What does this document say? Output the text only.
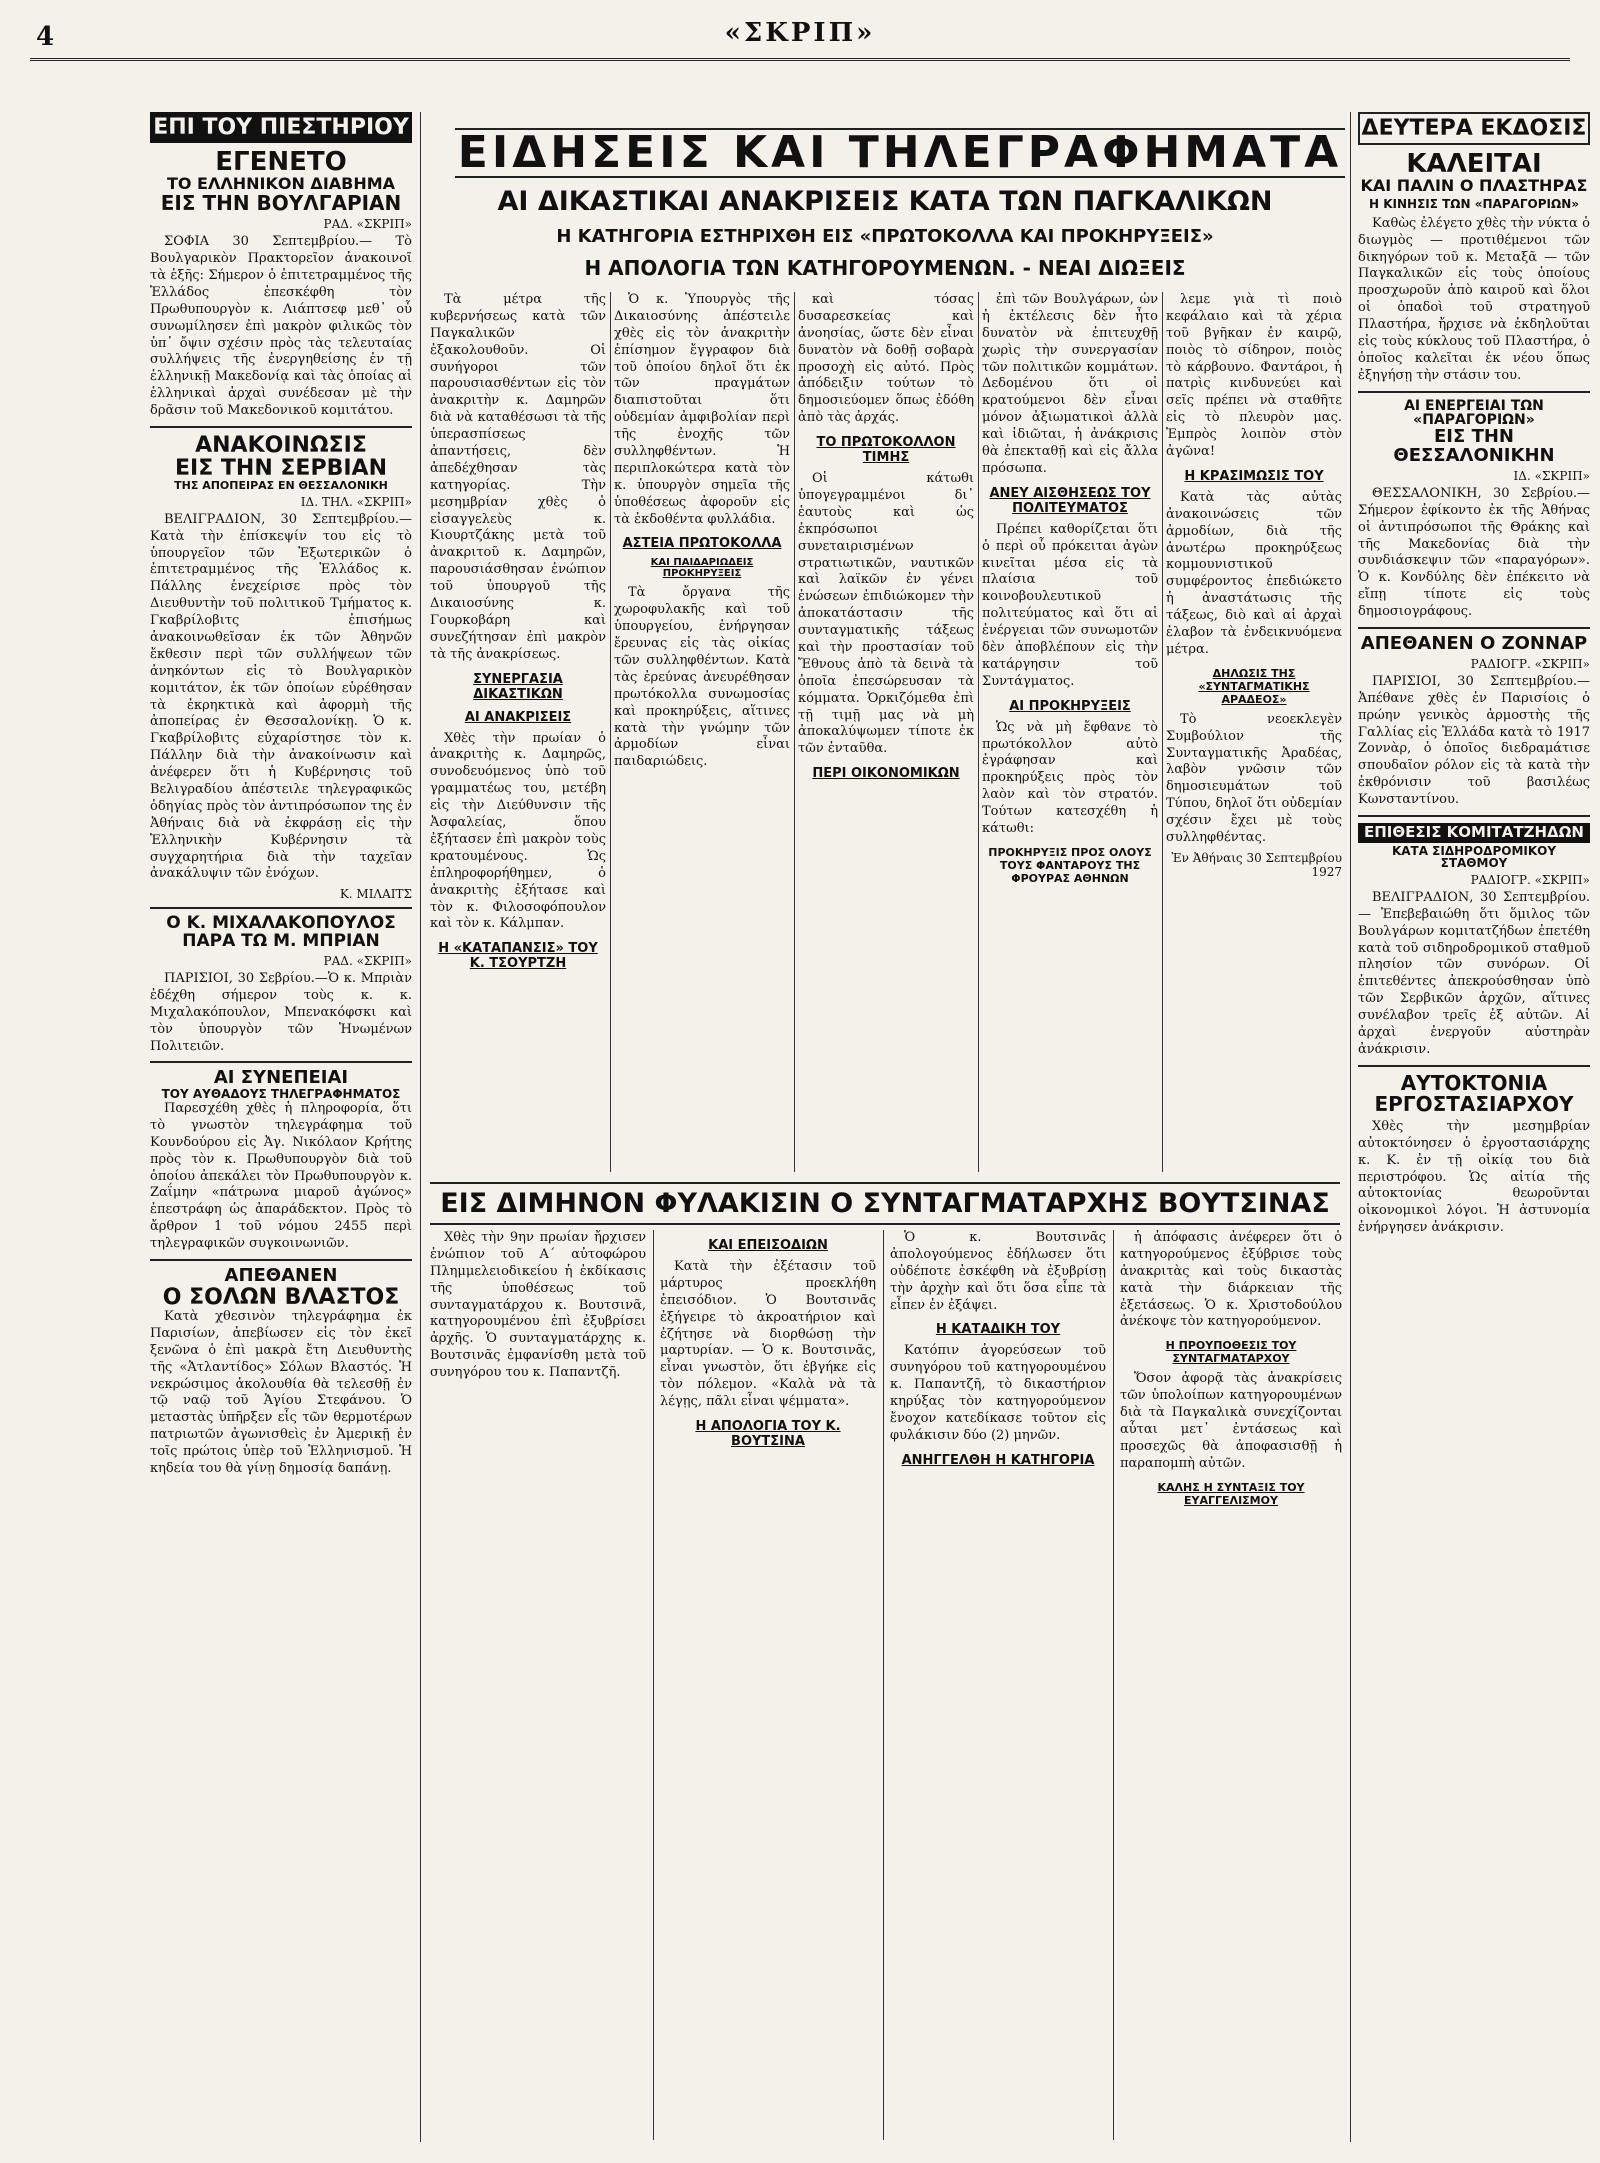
4	«ΣΚΡΙΠ»
ΕΠΙ ΤΟΥ ΠΙΕΣΤΗΡΙΟΥ
ΕΓΕΝΕΤΟ
ΤΟ ΕΛΛΗΝΙΚΟΝ ΔΙΑΒΗΜΑ
ΕΙΣ ΤΗΝ ΒΟΥΛΓΑΡΙΑΝ
ΡΑΔ. «ΣΚΡΙΠ»

ΣΟΦΙΑ 30 Σεπτεμβρίου.— Τὸ Βουλγαρικὸν Πρακτορεῖον ἀνακοινοῖ τὰ ἑξῆς: Σήμερον ὁ ἐπιτετραμμένος τῆς Ἑλλάδος ἐπεσκέφθη τὸν Πρωθυπουργὸν κ. Λιάπτσεφ μεθ᾿ οὗ συνωμίλησεν ἐπὶ μακρὸν φιλικῶς τὸν ὑπ᾿ ὄψιν σχέσιν πρὸς τὰς τελευταίας συλλήψεις τῆς ἐνεργηθείσης ἐν τῇ ἑλληνικῇ Μακεδονίᾳ καὶ τὰς ὁποίας αἱ ἑλληνικαὶ ἀρχαὶ συνέδεσαν μὲ τὴν δρᾶσιν τοῦ Μακεδονικοῦ κομιτάτου.

ΑΝΑΚΟΙΝΩΣΙΣ
ΕΙΣ ΤΗΝ ΣΕΡΒΙΑΝ
ΤΗΣ ΑΠΟΠΕΙΡΑΣ ΕΝ ΘΕΣΣΑΛΟΝΙΚΗ
ΙΔ. ΤΗΛ. «ΣΚΡΙΠ»

ΒΕΛΙΓΡΑΔΙΟΝ, 30 Σεπτεμβρίου.— Κατὰ τὴν ἐπίσκεψίν του εἰς τὸ ὑπουργεῖον τῶν Ἐξωτερικῶν ὁ ἐπιτετραμμένος τῆς Ἑλλάδος κ. Πάλλης ἐνεχείρισε πρὸς τὸν Διευθυντὴν τοῦ πολιτικοῦ Τμήματος κ. Γκαβρίλοβιτς ἐπισήμως ἀνακοινωθεῖσαν ἐκ τῶν Ἀθηνῶν ἔκθεσιν περὶ τῶν συλλήψεων τῶν ἀνηκόντων εἰς τὸ Βουλγαρικὸν κομιτάτον, ἐκ τῶν ὁποίων εὑρέθησαν τὰ ἐκρηκτικὰ καὶ ἀφορμὴ τῆς ἀποπείρας ἐν Θεσσαλονίκῃ. Ὁ κ. Γκαβρίλοβιτς εὐχαρίστησε τὸν κ. Πάλλην διὰ τὴν ἀνακοίνωσιν καὶ ἀνέφερεν ὅτι ἡ Κυβέρνησις τοῦ Βελιγραδίου ἀπέστειλε τηλεγραφικῶς ὁδηγίας πρὸς τὸν ἀντιπρόσωπον της ἐν Ἀθήναις διὰ νὰ ἐκφράσῃ εἰς τὴν Ἑλληνικὴν Κυβέρνησιν τὰ συγχαρητήρια διὰ τὴν ταχεῖαν ἀνακάλυψιν τῶν ἐνόχων.

Κ. ΜΙΛΑΙΤΣ
Ο Κ. ΜΙΧΑΛΑΚΟΠΟΥΛΟΣ
ΠΑΡΑ ΤΩ Μ. ΜΠΡΙΑΝ
ΡΑΔ. «ΣΚΡΙΠ»

ΠΑΡΙΣΙΟΙ, 30 Σεβρίου.—Ὁ κ. Μπριὰν ἐδέχθη σήμερον τοὺς κ. κ. Μιχαλακόπουλον, Μπενακόφσκι καὶ τὸν ὑπουργὸν τῶν Ἡνωμένων Πολιτειῶν.

ΑΙ ΣΥΝΕΠΕΙΑΙ
ΤΟΥ ΑΥΘΑΔΟΥΣ ΤΗΛΕΓΡΑΦΗΜΑΤΟΣ

Παρεσχέθη χθὲς ἡ πληροφορία, ὅτι τὸ γνωστὸν τηλεγράφημα τοῦ Κουνδούρου εἰς Ἀγ. Νικόλαον Κρήτης πρὸς τὸν κ. Πρωθυπουργὸν διὰ τοῦ ὁποίου ἀπεκάλει τὸν Πρωθυπουργὸν κ. Ζαΐμην «πάτρωνα μιαροῦ ἀγώνος» ἐπεστράφη ὡς ἀπαράδεκτον. Πρὸς τὸ ἄρθρον 1 τοῦ νόμου 2455 περὶ τηλεγραφικῶν συγκοινωνιῶν.

ΑΠΕΘΑΝΕΝ
Ο ΣΟΛΩΝ ΒΛΑΣΤΟΣ

Κατὰ χθεσινὸν τηλεγράφημα ἐκ Παρισίων, ἀπεβίωσεν εἰς τὸν ἐκεῖ ξενῶνα ὁ ἐπὶ μακρὰ ἔτη Διευθυντὴς τῆς «Ἀτλαντίδος» Σόλων Βλαστός. Ἡ νεκρώσιμος ἀκολουθία θὰ τελεσθῇ ἐν τῷ ναῷ τοῦ Ἁγίου Στεφάνου. Ὁ μεταστὰς ὑπῆρξεν εἷς τῶν θερμοτέρων πατριωτῶν ἀγωνισθεὶς ἐν Ἀμερικῇ ἐν τοῖς πρώτοις ὑπὲρ τοῦ Ἑλληνισμοῦ. Ἡ κηδεία του θὰ γίνῃ δημοσίᾳ δαπάνῃ.

ΕΙΔΗΣΕΙΣ ΚΑΙ ΤΗΛΕΓΡΑΦΗΜΑΤΑ
ΑΙ ΔΙΚΑΣΤΙΚΑΙ ΑΝΑΚΡΙΣΕΙΣ ΚΑΤΑ ΤΩΝ ΠΑΓΚΑΛΙΚΩΝ
Η ΚΑΤΗΓΟΡΙΑ ΕΣΤΗΡΙΧΘΗ ΕΙΣ «ΠΡΩΤΟΚΟΛΛΑ ΚΑΙ ΠΡΟΚΗΡΥΞΕΙΣ»
Η ΑΠΟΛΟΓΙΑ ΤΩΝ ΚΑΤΗΓΟΡΟΥΜΕΝΩΝ. - ΝΕΑΙ ΔΙΩΞΕΙΣ

Τὰ μέτρα τῆς κυβερνήσεως κατὰ τῶν Παγκαλικῶν ἐξακολουθοῦν. Οἱ συνήγοροι τῶν παρουσιασθέντων εἰς τὸν ἀνακριτὴν κ. Δαμηρῶν διὰ νὰ καταθέσωσι τὰ τῆς ὑπερασπίσεως ἀπαντήσεις, δὲν ἀπεδέχθησαν τὰς κατηγορίας. Τὴν μεσημβρίαν χθὲς ὁ εἰσαγγελεὺς κ. Κιουρτζάκης μετὰ τοῦ ἀνακριτοῦ κ. Δαμηρῶν, παρουσιάσθησαν ἐνώπιον τοῦ ὑπουργοῦ τῆς Δικαιοσύνης κ. Γουρκοβάρη καὶ συνεζήτησαν ἐπὶ μακρὸν τὰ τῆς ἀνακρίσεως.

ΣΥΝΕΡΓΑΣΙΑ ΔΙΚΑΣΤΙΚΩΝ
ΑΙ ΑΝΑΚΡΙΣΕΙΣ

Χθὲς τὴν πρωίαν ὁ ἀνακριτὴς κ. Δαμηρῶς, συνοδευόμενος ὑπὸ τοῦ γραμματέως του, μετέβη εἰς τὴν Διεύθυνσιν τῆς Ἀσφαλείας, ὅπου ἐξήτασεν ἐπὶ μακρὸν τοὺς κρατουμένους. Ὡς ἐπληροφορήθημεν, ὁ ἀνακριτὴς ἐξήτασε καὶ τὸν κ. Φιλοσοφόπουλον καὶ τὸν κ. Κάλμπαν.

Η «ΚΑΤΑΠΑΝΣΙΣ» ΤΟΥ Κ. ΤΣΟΥΡΤΖΗ

Ὁ κ. Ὑπουργὸς τῆς Δικαιοσύνης ἀπέστειλε χθὲς εἰς τὸν ἀνακριτὴν ἐπίσημον ἔγγραφον διὰ τοῦ ὁποίου δηλοῖ ὅτι ἐκ τῶν πραγμάτων διαπιστοῦται ὅτι οὐδεμίαν ἀμφιβολίαν περὶ τῆς ἐνοχῆς τῶν συλληφθέντων. Ἡ περιπλοκώτερα κατὰ τὸν κ. ὑπουργὸν σημεῖα τῆς ὑποθέσεως ἀφοροῦν εἰς τὰ ἐκδοθέντα φυλλάδια.

ΑΣΤΕΙΑ ΠΡΩΤΟΚΟΛΛΑ
ΚΑΙ ΠΑΙΔΑΡΙΩΔΕΙΣ ΠΡΟΚΗΡΥΞΕΙΣ

Τὰ ὄργανα τῆς χωροφυλακῆς καὶ τοῦ ὑπουργείου, ἐνήργησαν ἔρευνας εἰς τὰς οἰκίας τῶν συλληφθέντων. Κατὰ τὰς ἐρεύνας ἀνευρέθησαν πρωτόκολλα συνωμοσίας καὶ προκηρύξεις, αἵτινες κατὰ τὴν γνώμην τῶν ἀρμοδίων εἶναι παιδαριώδεις.

καὶ τόσας δυσαρεσκείας καὶ ἀνοησίας, ὥστε δὲν εἶναι δυνατὸν νὰ δοθῇ σοβαρὰ προσοχὴ εἰς αὐτό. Πρὸς ἀπόδειξιν τούτων τὸ δημοσιεύομεν ὅπως ἐδόθη ἀπὸ τὰς ἀρχάς.

ΤΟ ΠΡΩΤΟΚΟΛΛΟΝ ΤΙΜΗΣ

Οἱ κάτωθι ὑπογεγραμμένοι δι᾿ ἑαυτοὺς καὶ ὡς ἐκπρόσωποι συνεταιρισμένων στρατιωτικῶν, ναυτικῶν καὶ λαϊκῶν ἐν γένει ἐνώσεων ἐπιδιώκομεν τὴν ἀποκατάστασιν τῆς συνταγματικῆς τάξεως καὶ τὴν προστασίαν τοῦ Ἔθνους ἀπὸ τὰ δεινὰ τὰ ὁποῖα ἐπεσώρευσαν τὰ κόμματα. Ὁρκιζόμεθα ἐπὶ τῇ τιμῇ μας νὰ μὴ ἀποκαλύψωμεν τίποτε ἐκ τῶν ἐνταῦθα.

ΠΕΡΙ ΟΙΚΟΝΟΜΙΚΩΝ

ἐπὶ τῶν Βουλγάρων, ὧν ἡ ἐκτέλεσις δὲν ἦτο δυνατὸν νὰ ἐπιτευχθῇ χωρὶς τὴν συνεργασίαν τῶν πολιτικῶν κομμάτων. Δεδομένου ὅτι οἱ κρατούμενοι δὲν εἶναι μόνον ἀξιωματικοὶ ἀλλὰ καὶ ἰδιῶται, ἡ ἀνάκρισις θὰ ἐπεκταθῇ καὶ εἰς ἄλλα πρόσωπα.

ΑΝΕΥ ΑΙΣΘΗΣΕΩΣ ΤΟΥ ΠΟΛΙΤΕΥΜΑΤΟΣ

Πρέπει καθορίζεται ὅτι ὁ περὶ οὗ πρόκειται ἀγὼν κινεῖται μέσα εἰς τὰ πλαίσια τοῦ κοινοβουλευτικοῦ πολιτεύματος καὶ ὅτι αἱ ἐνέργειαι τῶν συνωμοτῶν δὲν ἀποβλέπουν εἰς τὴν κατάργησιν τοῦ Συντάγματος.

ΑΙ ΠΡΟΚΗΡΥΞΕΙΣ

Ὡς νὰ μὴ ἔφθανε τὸ πρωτόκολλον αὐτὸ ἐγράφησαν καὶ προκηρύξεις πρὸς τὸν λαὸν καὶ τὸν στρατόν. Τούτων κατεσχέθη ἡ κάτωθι:

ΠΡΟΚΗΡΥΞΙΣ ΠΡΟΣ ΟΛΟΥΣ ΤΟΥΣ ΦΑΝΤΑΡΟΥΣ ΤΗΣ ΦΡΟΥΡΑΣ ΑΘΗΝΩΝ

λεμε γιὰ τὶ ποιὸ κεφάλαιο καὶ τὰ χέρια τοῦ βγῆκαν ἐν καιρῷ, ποιὸς τὸ σίδηρον, ποιὸς τὸ κάρβουνο. Φαντάροι, ἡ πατρὶς κινδυνεύει καὶ σεῖς πρέπει νὰ σταθῆτε εἰς τὸ πλευρὸν μας. Ἐμπρὸς λοιπὸν στὸν ἀγῶνα!

Η ΚΡΑΣΙΜΩΣΙΣ ΤΟΥ

Κατὰ τὰς αὐτὰς ἀνακοινώσεις τῶν ἀρμοδίων, διὰ τῆς ἀνωτέρω προκηρύξεως κομμουνιστικοῦ συμφέροντος ἐπεδιώκετο ἡ ἀναστάτωσις τῆς τάξεως, διὸ καὶ αἱ ἀρχαὶ ἐλαβον τὰ ἐνδεικνυόμενα μέτρα.

ΔΗΛΩΣΙΣ ΤΗΣ «ΣΥΝΤΑΓΜΑΤΙΚΗΣ ΑΡΑΔΕΟΣ»

Τὸ νεοεκλεγὲν Συμβούλιον τῆς Συνταγματικῆς Ἀραδέας, λαβὸν γνῶσιν τῶν δημοσιευμάτων τοῦ Τύπου, δηλοῖ ὅτι οὐδεμίαν σχέσιν ἔχει μὲ τοὺς συλληφθέντας.

Ἐν Ἀθήναις 30 Σεπτεμβρίου 1927
ΕΙΣ ΔΙΜΗΝΟΝ ΦΥΛΑΚΙΣΙΝ Ο ΣΥΝΤΑΓΜΑΤΑΡΧΗΣ ΒΟΥΤΣΙΝΑΣ

Χθὲς τὴν 9ην πρωίαν ἤρχισεν ἐνώπιον τοῦ Α΄ αὐτοφώρου Πλημμελειοδικείου ἡ ἐκδίκασις τῆς ὑποθέσεως τοῦ συνταγματάρχου κ. Βουτσινᾶ, κατηγορουμένου ἐπὶ ἐξυβρίσει ἀρχῆς. Ὁ συνταγματάρχης κ. Βουτσινᾶς ἐμφανίσθη μετὰ τοῦ συνηγόρου του κ. Παπαντζῆ.

ΚΑΙ ΕΠΕΙΣΟΔΙΩΝ

Κατὰ τὴν ἐξέτασιν τοῦ μάρτυρος προεκλήθη ἐπεισόδιον. Ὁ Βουτσινᾶς ἐξήγειρε τὸ ἀκροατήριον καὶ ἐζήτησε νὰ διορθώσῃ τὴν μαρτυρίαν. — Ὁ κ. Βουτσινᾶς, εἶναι γνωστὸν, ὅτι ἐβγήκε εἰς τὸν πόλεμον. «Καλὰ νὰ τὰ λέγῃς, πᾶλι εἶναι ψέμματα».

Η ΑΠΟΛΟΓΙΑ ΤΟΥ Κ. ΒΟΥΤΣΙΝΑ

Ὁ κ. Βουτσινᾶς ἀπολογούμενος ἐδήλωσεν ὅτι οὐδέποτε ἐσκέφθη νὰ ἐξυβρίσῃ τὴν ἀρχὴν καὶ ὅτι ὅσα εἶπε τὰ εἶπεν ἐν ἐξάψει.

Η ΚΑΤΑΔΙΚΗ ΤΟΥ

Κατόπιν ἀγορεύσεων τοῦ συνηγόρου τοῦ κατηγορουμένου κ. Παπαντζῆ, τὸ δικαστήριον κηρύξας τὸν κατηγορούμενον ἔνοχον κατεδίκασε τοῦτον εἰς φυλάκισιν δύο (2) μηνῶν.

ΑΝΗΓΓΕΛΘΗ Η ΚΑΤΗΓΟΡΙΑ

ἡ ἀπόφασις ἀνέφερεν ὅτι ὁ κατηγορούμενος ἐξύβρισε τοὺς ἀνακριτὰς καὶ τοὺς δικαστὰς κατὰ τὴν διάρκειαν τῆς ἐξετάσεως. Ὁ κ. Χριστοδούλου ἀνέκοψε τὸν κατηγορούμενον.

Η ΠΡΟΥΠΟΘΕΣΙΣ ΤΟΥ ΣΥΝΤΑΓΜΑΤΑΡΧΟΥ

Ὅσον ἀφορᾷ τὰς ἀνακρίσεις τῶν ὑπολοίπων κατηγορουμένων διὰ τὰ Παγκαλικὰ συνεχίζονται αὗται μετ᾿ ἐντάσεως καὶ προσεχῶς θὰ ἀποφασισθῇ ἡ παραπομπὴ αὐτῶν.

ΚΑΛΗΣ Η ΣΥΝΤΑΞΙΣ ΤΟΥ ΕΥΑΓΓΕΛΙΣΜΟΥ
ΔΕΥΤΕΡΑ ΕΚΔΟΣΙΣ
ΚΑΛΕΙΤΑΙ
ΚΑΙ ΠΑΛΙΝ Ο ΠΛΑΣΤΗΡΑΣ
Η ΚΙΝΗΣΙΣ ΤΩΝ «ΠΑΡΑΓΟΡΙΩΝ»

Καθὼς ἐλέγετο χθὲς τὴν νύκτα ὁ διωγμὸς — προτιθέμενοι τῶν δικηγόρων τοῦ κ. Μεταξᾶ — τῶν Παγκαλικῶν εἰς τοὺς ὁποίους προσχωροῦν ἀπὸ καιροῦ καὶ ὅλοι οἱ ὀπαδοὶ τοῦ στρατηγοῦ Πλαστήρα, ἤρχισε νὰ ἐκδηλοῦται εἰς τοὺς κύκλους τοῦ Πλαστήρα, ὁ ὁποῖος καλεῖται ἐκ νέου ὅπως ἐξηγήσῃ τὴν στάσιν του.

ΑΙ ΕΝΕΡΓΕΙΑΙ ΤΩΝ «ΠΑΡΑΓΟΡΙΩΝ»
ΕΙΣ ΤΗΝ ΘΕΣΣΑΛΟΝΙΚΗΝ
ΙΔ. «ΣΚΡΙΠ»

ΘΕΣΣΑΛΟΝΙΚΗ, 30 Σεβρίου.— Σήμερον ἐφίκοντο ἐκ τῆς Ἀθήνας οἱ ἀντιπρόσωποι τῆς Θράκης καὶ τῆς Μακεδονίας διὰ τὴν συνδιάσκεψιν τῶν «παραγόρων». Ὁ κ. Κονδύλης δὲν ἐπέκειτο νὰ εἴπῃ τίποτε εἰς τοὺς δημοσιογράφους.

ΑΠΕΘΑΝΕΝ Ο ΖΟΝΝΑΡ
ΡΑΔΙΟΓΡ. «ΣΚΡΙΠ»

ΠΑΡΙΣΙΟΙ, 30 Σεπτεμβρίου.— Ἀπέθανε χθὲς ἐν Παρισίοις ὁ πρώην γενικὸς ἀρμοστὴς τῆς Γαλλίας εἰς Ἑλλάδα κατὰ τὸ 1917 Ζοννὰρ, ὁ ὁποῖος διεδραμάτισε σπουδαῖον ρόλον εἰς τὰ κατὰ τὴν ἐκθρόνισιν τοῦ βασιλέως Κωνσταντίνου.

ΕΠΙΘΕΣΙΣ ΚΟΜΙΤΑΤΖΗΔΩΝ
ΚΑΤΑ ΣΙΔΗΡΟΔΡΟΜΙΚΟΥ ΣΤΑΘΜΟΥ
ΡΑΔΙΟΓΡ. «ΣΚΡΙΠ»

ΒΕΛΙΓΡΑΔΙΟΝ, 30 Σεπτεμβρίου.— Ἐπεβεβαιώθη ὅτι ὅμιλος τῶν Βουλγάρων κομιτατζήδων ἐπετέθη κατὰ τοῦ σιδηροδρομικοῦ σταθμοῦ πλησίον τῶν συνόρων. Οἱ ἐπιτεθέντες ἀπεκρούσθησαν ὑπὸ τῶν Σερβικῶν ἀρχῶν, αἵτινες συνέλαβον τρεῖς ἐξ αὐτῶν. Αἱ ἀρχαὶ ἐνεργοῦν αὐστηρὰν ἀνάκρισιν.

ΑΥΤΟΚΤΟΝΙΑ
ΕΡΓΟΣΤΑΣΙΑΡΧΟΥ

Χθὲς τὴν μεσημβρίαν αὐτοκτόνησεν ὁ ἐργοστασιάρχης κ. Κ. ἐν τῇ οἰκίᾳ του διὰ περιστρόφου. Ὡς αἰτία τῆς αὐτοκτονίας θεωροῦνται οἰκονομικοὶ λόγοι. Ἡ ἀστυνομία ἐνήργησεν ἀνάκρισιν.
